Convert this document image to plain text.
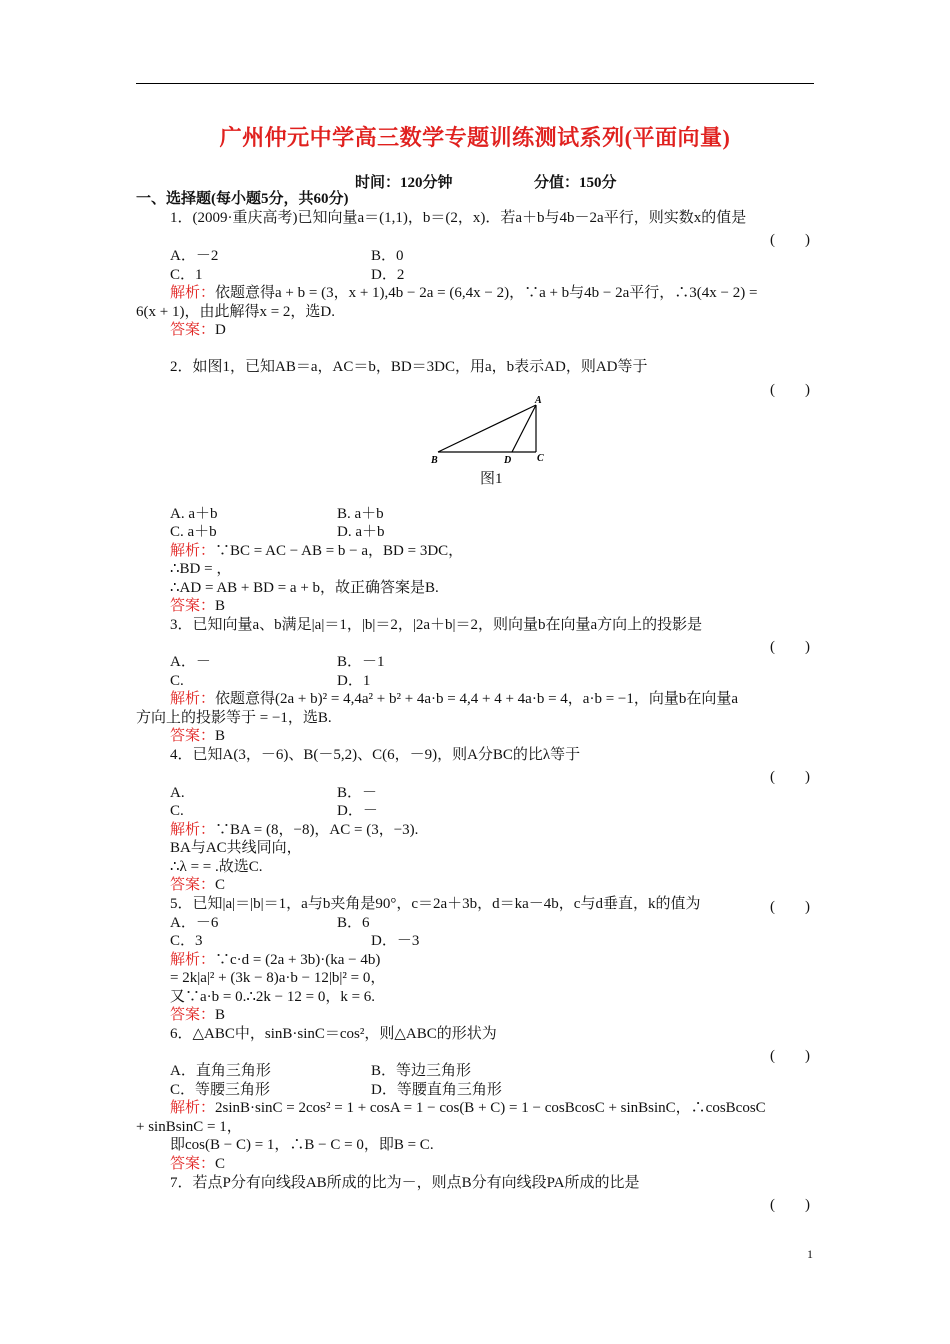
广州仲元中学高三数学专题训练测试系列(平面向量)
时间：120分钟	分值：150分
一、选择题(每小题5分，共60分)
1．(2009·重庆高考)已知向量a＝(1,1)，b＝(2，x)．若a＋b与4b－2a平行，则实数x的值是
(　　)
A．－2	B．0
C．1	D．2
解析：依题意得a + b = (3，x + 1),4b − 2a = (6,4x − 2)，∵a + b与4b − 2a平行，∴3(4x − 2) =
6(x + 1)，由此解得x = 2，选D.
答案：D
2．如图1，已知AB＝a，AC＝b，BD＝3DC，用a，b表示AD，则AD等于
(　　)
A
B	D	C
图1
A. a＋b	B. a＋b
C. a＋b	D. a＋b
解析：∵BC = AC − AB = b − a，BD = 3DC，
∴BD = ，
∴AD = AB + BD = a + b，故正确答案是B.
答案：B
3．已知向量a、b满足|a|＝1，|b|＝2，|2a＋b|＝2，则向量b在向量a方向上的投影是
(　　)
A．－	B．－1
C.	D．1
解析：依题意得(2a + b)² = 4,4a² + b² + 4a·b = 4,4 + 4 + 4a·b = 4，a·b = −1，向量b在向量a
方向上的投影等于 = −1，选B.
答案：B
4．已知A(3，－6)、B(－5,2)、C(6，－9)，则A分BC的比λ等于
(　　)
A.	B．－
C.	D．－
解析：∵BA = (8，−8)，AC = (3，−3).
BA与AC共线同向，
∴λ = = .故选C.
答案：C
5．已知|a|＝|b|＝1，a与b夹角是90°，c＝2a＋3b，d＝ka－4b，c与d垂直，k的值为	(　　)
A．－6	B．6
C．3	D．－3
解析：∵c·d = (2a + 3b)·(ka − 4b)
= 2k|a|² + (3k − 8)a·b − 12|b|² = 0，
又∵a·b = 0.∴2k − 12 = 0，k = 6.
答案：B
6．△ABC中，sinB·sinC＝cos²，则△ABC的形状为
(　　)
A．直角三角形	B．等边三角形
C．等腰三角形	D．等腰直角三角形
解析：2sinB·sinC = 2cos² = 1 + cosA = 1 − cos(B + C) = 1 − cosBcosC + sinBsinC，∴cosBcosC
+ sinBsinC = 1，
即cos(B − C) = 1，∴B − C = 0，即B = C.
答案：C
7．若点P分有向线段AB所成的比为－，则点B分有向线段PA所成的比是
(　　)
1
